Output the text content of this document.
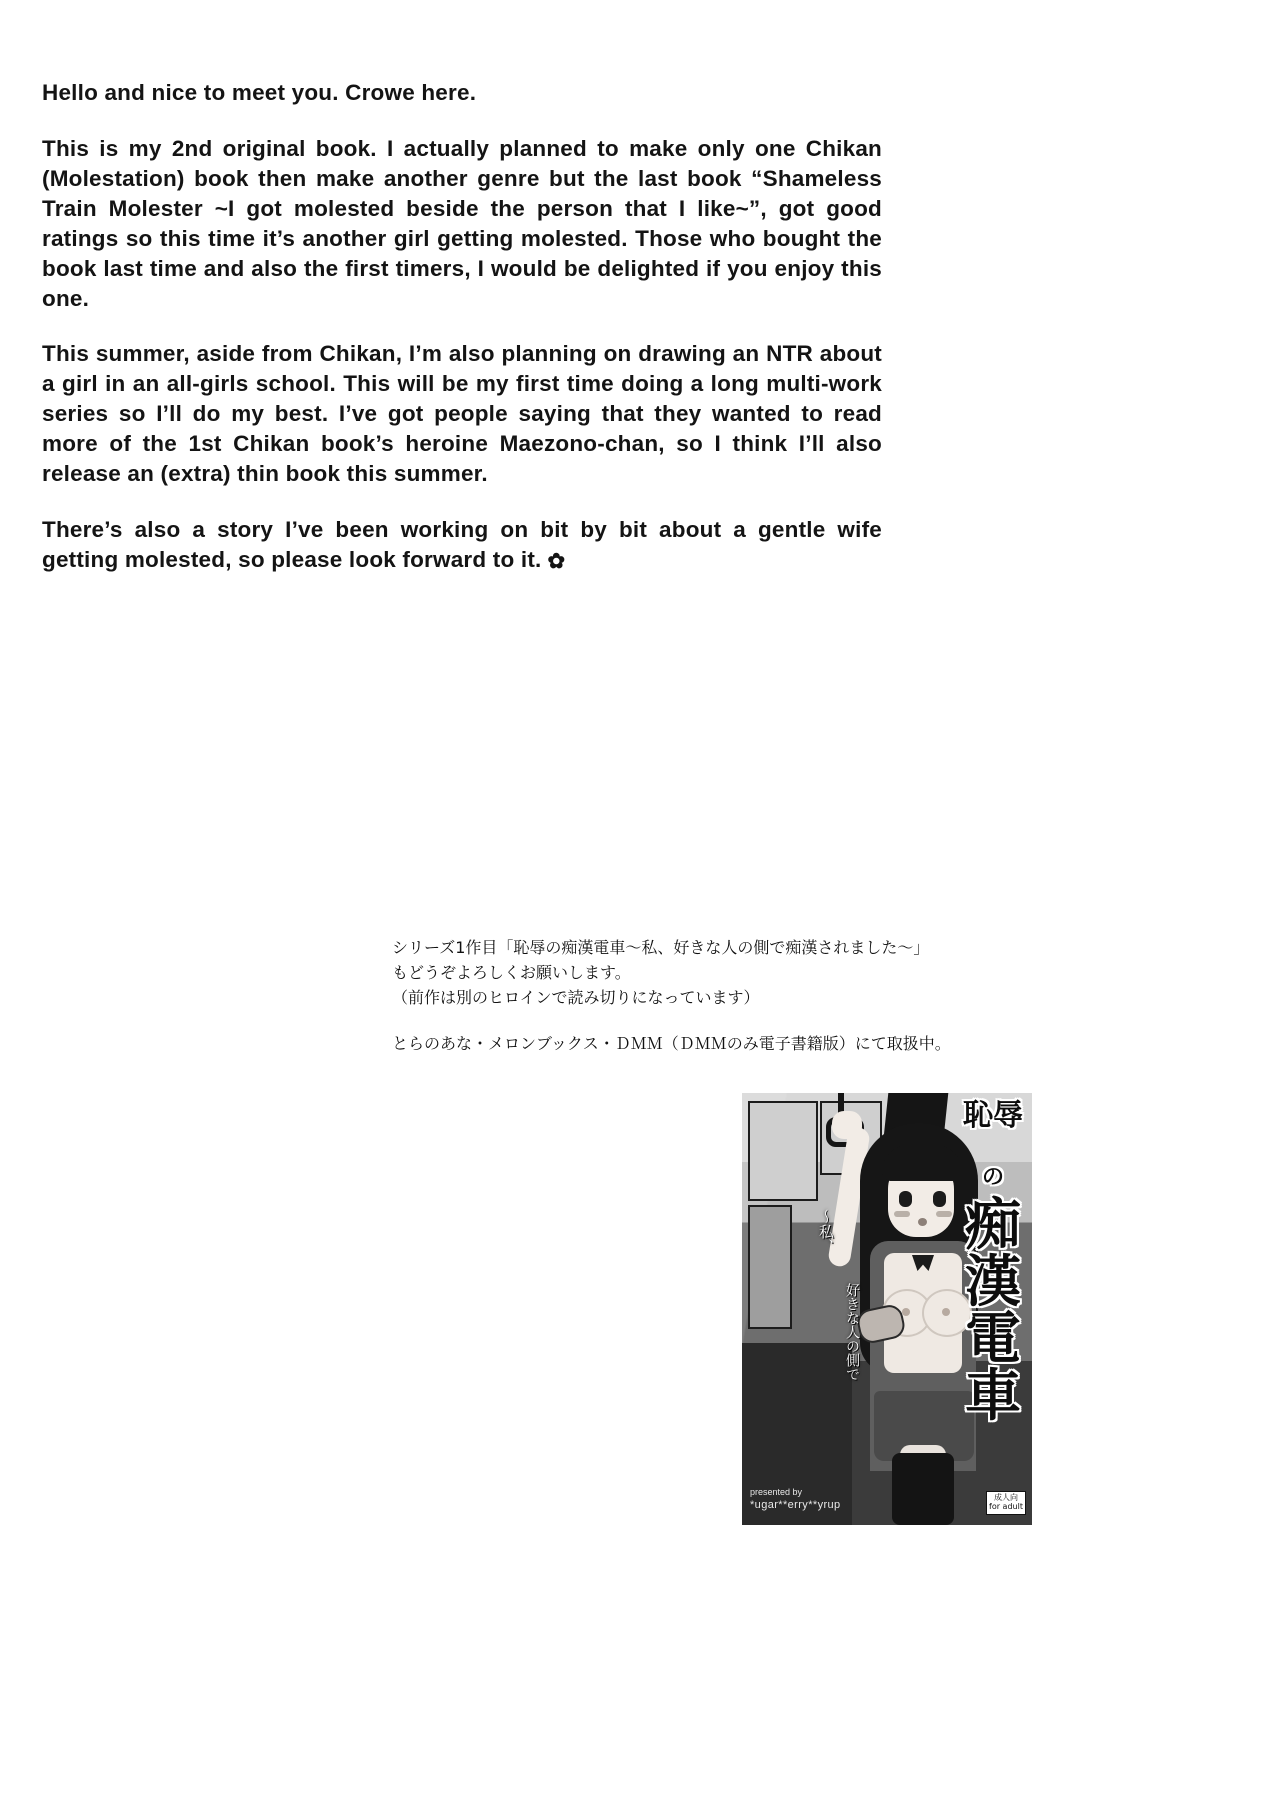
Hello and nice to meet you. Crowe here.

This is my 2nd original book. I actually planned to make only one Chikan (Molestation) book then make another genre but the last book “Shameless Train Molester ~I got molested beside the person that I like~”, got good ratings so this time it’s another girl getting molested. Those who bought the book last time and also the first timers, I would be delighted if you enjoy this one.

This summer, aside from Chikan, I’m also planning on drawing an NTR about a girl in an all-girls school. This will be my first time doing a long multi-work series so I’ll do my best. I’ve got people saying that they wanted to read more of the 1st Chikan book’s heroine Maezono-chan, so I think I’ll also release an (extra) thin book this summer.

There’s also a story I’ve been working on bit by bit about a gentle wife getting molested, so please look forward to it. ✿

シリーズ1作目「恥辱の痴漢電車〜私、好きな人の側で痴漢されました〜」

もどうぞよろしくお願いします。

（前作は別のヒロインで読み切りになっています）

とらのあな・メロンブックス・ＤＭＭ（ＤＭＭのみ電子書籍版）にて取扱中。

〜私、
好きな人の側で
恥辱
の
痴漢電車
presented by
*ugar**erry**yrup
成人向
for adult
